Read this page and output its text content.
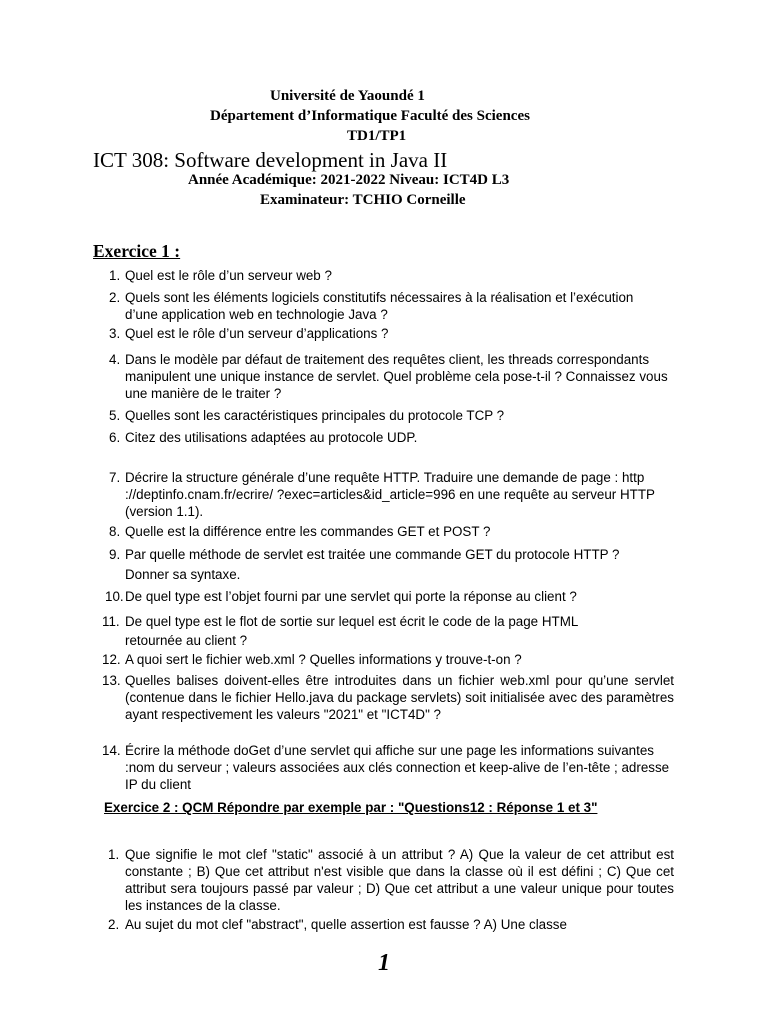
Université de Yaoundé 1
Département d’Informatique Faculté des Sciences
TD1/TP1
ICT 308: Software development in Java II
Année Académique: 2021-2022 Niveau: ICT4D L3
Examinateur: TCHIO Corneille
Exercice 1 :
1. Quel est le rôle d’un serveur web ?
2. Quels sont les éléments logiciels constitutifs nécessaires à la réalisation et l’exécution d’une application web en technologie Java ?
3. Quel est le rôle d’un serveur d’applications ?
4. Dans le modèle par défaut de traitement des requêtes client, les threads correspondants manipulent une unique instance de servlet. Quel problème cela pose-t-il ? Connaissez vous une manière de le traiter ?
5. Quelles sont les caractéristiques principales du protocole TCP ?
6. Citez des utilisations adaptées au protocole UDP.
7. Décrire la structure générale d’une requête HTTP. Traduire une demande de page : http ://deptinfo.cnam.fr/ecrire/ ?exec=articles&id_article=996 en une requête au serveur HTTP (version 1.1).
8. Quelle est la différence entre les commandes GET et POST ?
9. Par quelle méthode de servlet est traitée une commande GET du protocole HTTP ? Donner sa syntaxe.
10. De quel type est l’objet fourni par une servlet qui porte la réponse au client ?
11. De quel type est le flot de sortie sur lequel est écrit le code de la page HTML retournée au client ?
12. A quoi sert le fichier web.xml ? Quelles informations y trouve-t-on ?
13. Quelles balises doivent-elles être introduites dans un fichier web.xml pour qu’une servlet (contenue dans le fichier Hello.java du package servlets) soit initialisée avec des paramètres ayant respectivement les valeurs "2021" et "ICT4D" ?
14. Écrire la méthode doGet d’une servlet qui affiche sur une page les informations suivantes :nom du serveur ; valeurs associées aux clés connection et keep-alive de l’en-tête ; adresse IP du client
Exercice 2 : QCM Répondre par exemple par : "Questions12 : Réponse 1 et 3"
1. Que signifie le mot clef "static" associé à un attribut ? A) Que la valeur de cet attribut est constante ; B) Que cet attribut n'est visible que dans la classe où il est défini ; C) Que cet attribut sera toujours passé par valeur ; D) Que cet attribut a une valeur unique pour toutes les instances de la classe.
2. Au sujet du mot clef "abstract", quelle assertion est fausse ? A) Une classe
1
